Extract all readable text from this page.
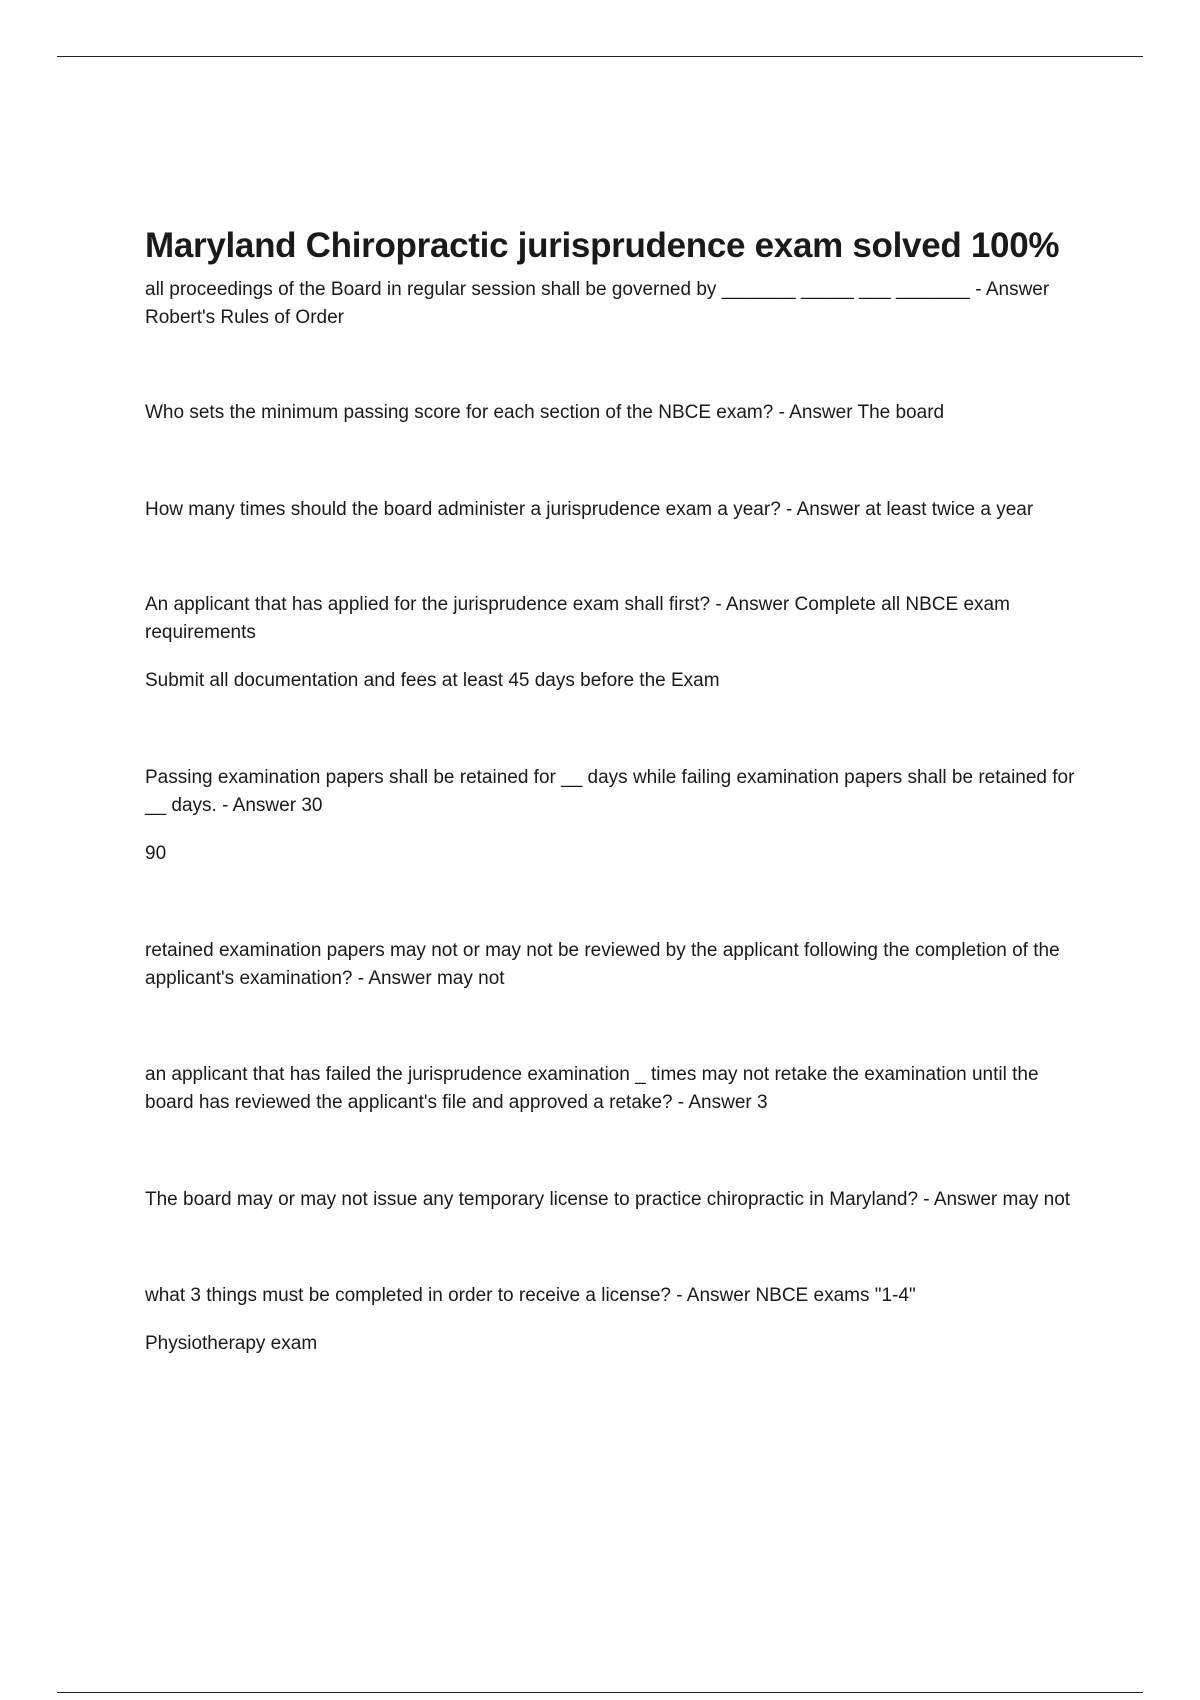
Maryland Chiropractic jurisprudence exam solved 100%

all proceedings of the Board in regular session shall be governed by _______ _____ ___ _______ - Answer Robert's Rules of Order

Who sets the minimum passing score for each section of the NBCE exam? - Answer The board

How many times should the board administer a jurisprudence exam a year? - Answer at least twice a year

An applicant that has applied for the jurisprudence exam shall first? - Answer Complete all NBCE exam requirements

Submit all documentation and fees at least 45 days before the Exam

Passing examination papers shall be retained for __ days while failing examination papers shall be retained for __ days. - Answer 30

90

retained examination papers may not or may not be reviewed by the applicant following the completion of the applicant's examination? - Answer may not

an applicant that has failed the jurisprudence examination _ times may not retake the examination until the board has reviewed the applicant's file and approved a retake? - Answer 3

The board may or may not issue any temporary license to practice chiropractic in Maryland? - Answer may not

what 3 things must be completed in order to receive a license? - Answer NBCE exams "1-4"

Physiotherapy exam
